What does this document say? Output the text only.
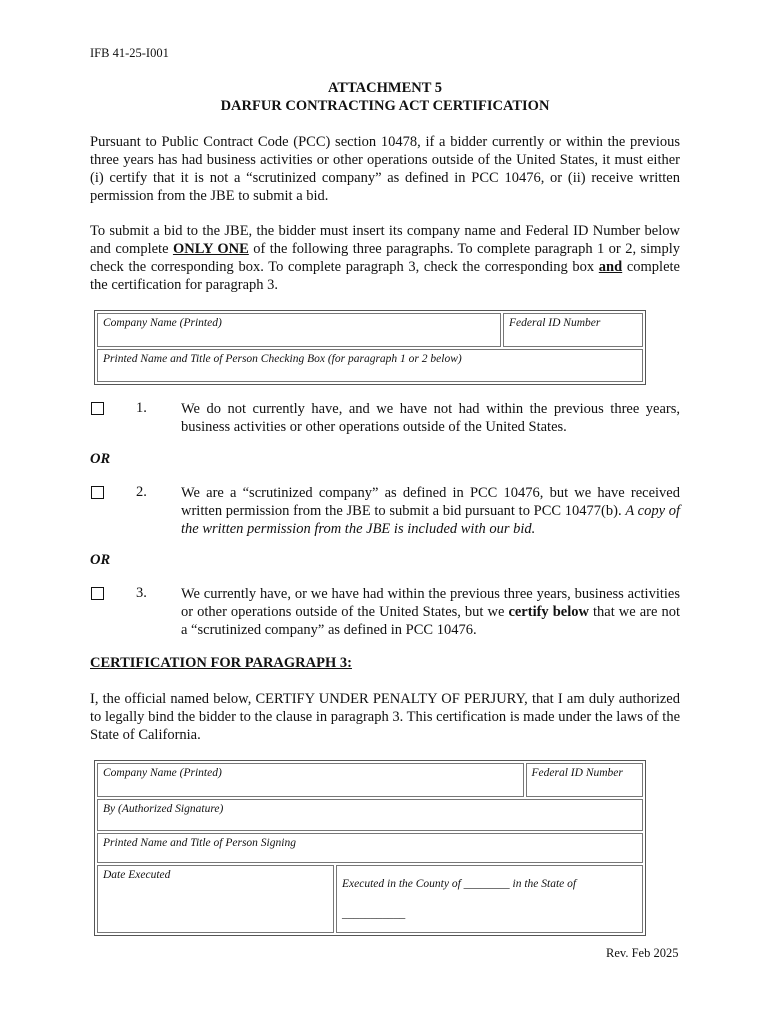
IFB 41-25-I001
ATTACHMENT 5
DARFUR CONTRACTING ACT CERTIFICATION
Pursuant to Public Contract Code (PCC) section 10478, if a bidder currently or within the previous three years has had business activities or other operations outside of the United States, it must either (i) certify that it is not a “scrutinized company” as defined in PCC 10476, or (ii) receive written permission from the JBE to submit a bid.
To submit a bid to the JBE, the bidder must insert its company name and Federal ID Number below and complete ONLY ONE of the following three paragraphs. To complete paragraph 1 or 2, simply check the corresponding box. To complete paragraph 3, check the corresponding box and complete the certification for paragraph 3.
Company Name (Printed)	Federal ID Number
Printed Name and Title of Person Checking Box (for paragraph 1 or 2 below)
1. We do not currently have, and we have not had within the previous three years, business activities or other operations outside of the United States.
OR
2. We are a “scrutinized company” as defined in PCC 10476, but we have received written permission from the JBE to submit a bid pursuant to PCC 10477(b). A copy of the written permission from the JBE is included with our bid.
OR
3. We currently have, or we have had within the previous three years, business activities or other operations outside of the United States, but we certify below that we are not a “scrutinized company” as defined in PCC 10476.
CERTIFICATION FOR PARAGRAPH 3:
I, the official named below, CERTIFY UNDER PENALTY OF PERJURY, that I am duly authorized to legally bind the bidder to the clause in paragraph 3. This certification is made under the laws of the State of California.
Company Name (Printed)		Federal ID Number
By (Authorized Signature)		
Printed Name and Title of Person Signing		
Date Executed	Executed in the County of ________ in the State of
___________	
Rev. Feb 2025
